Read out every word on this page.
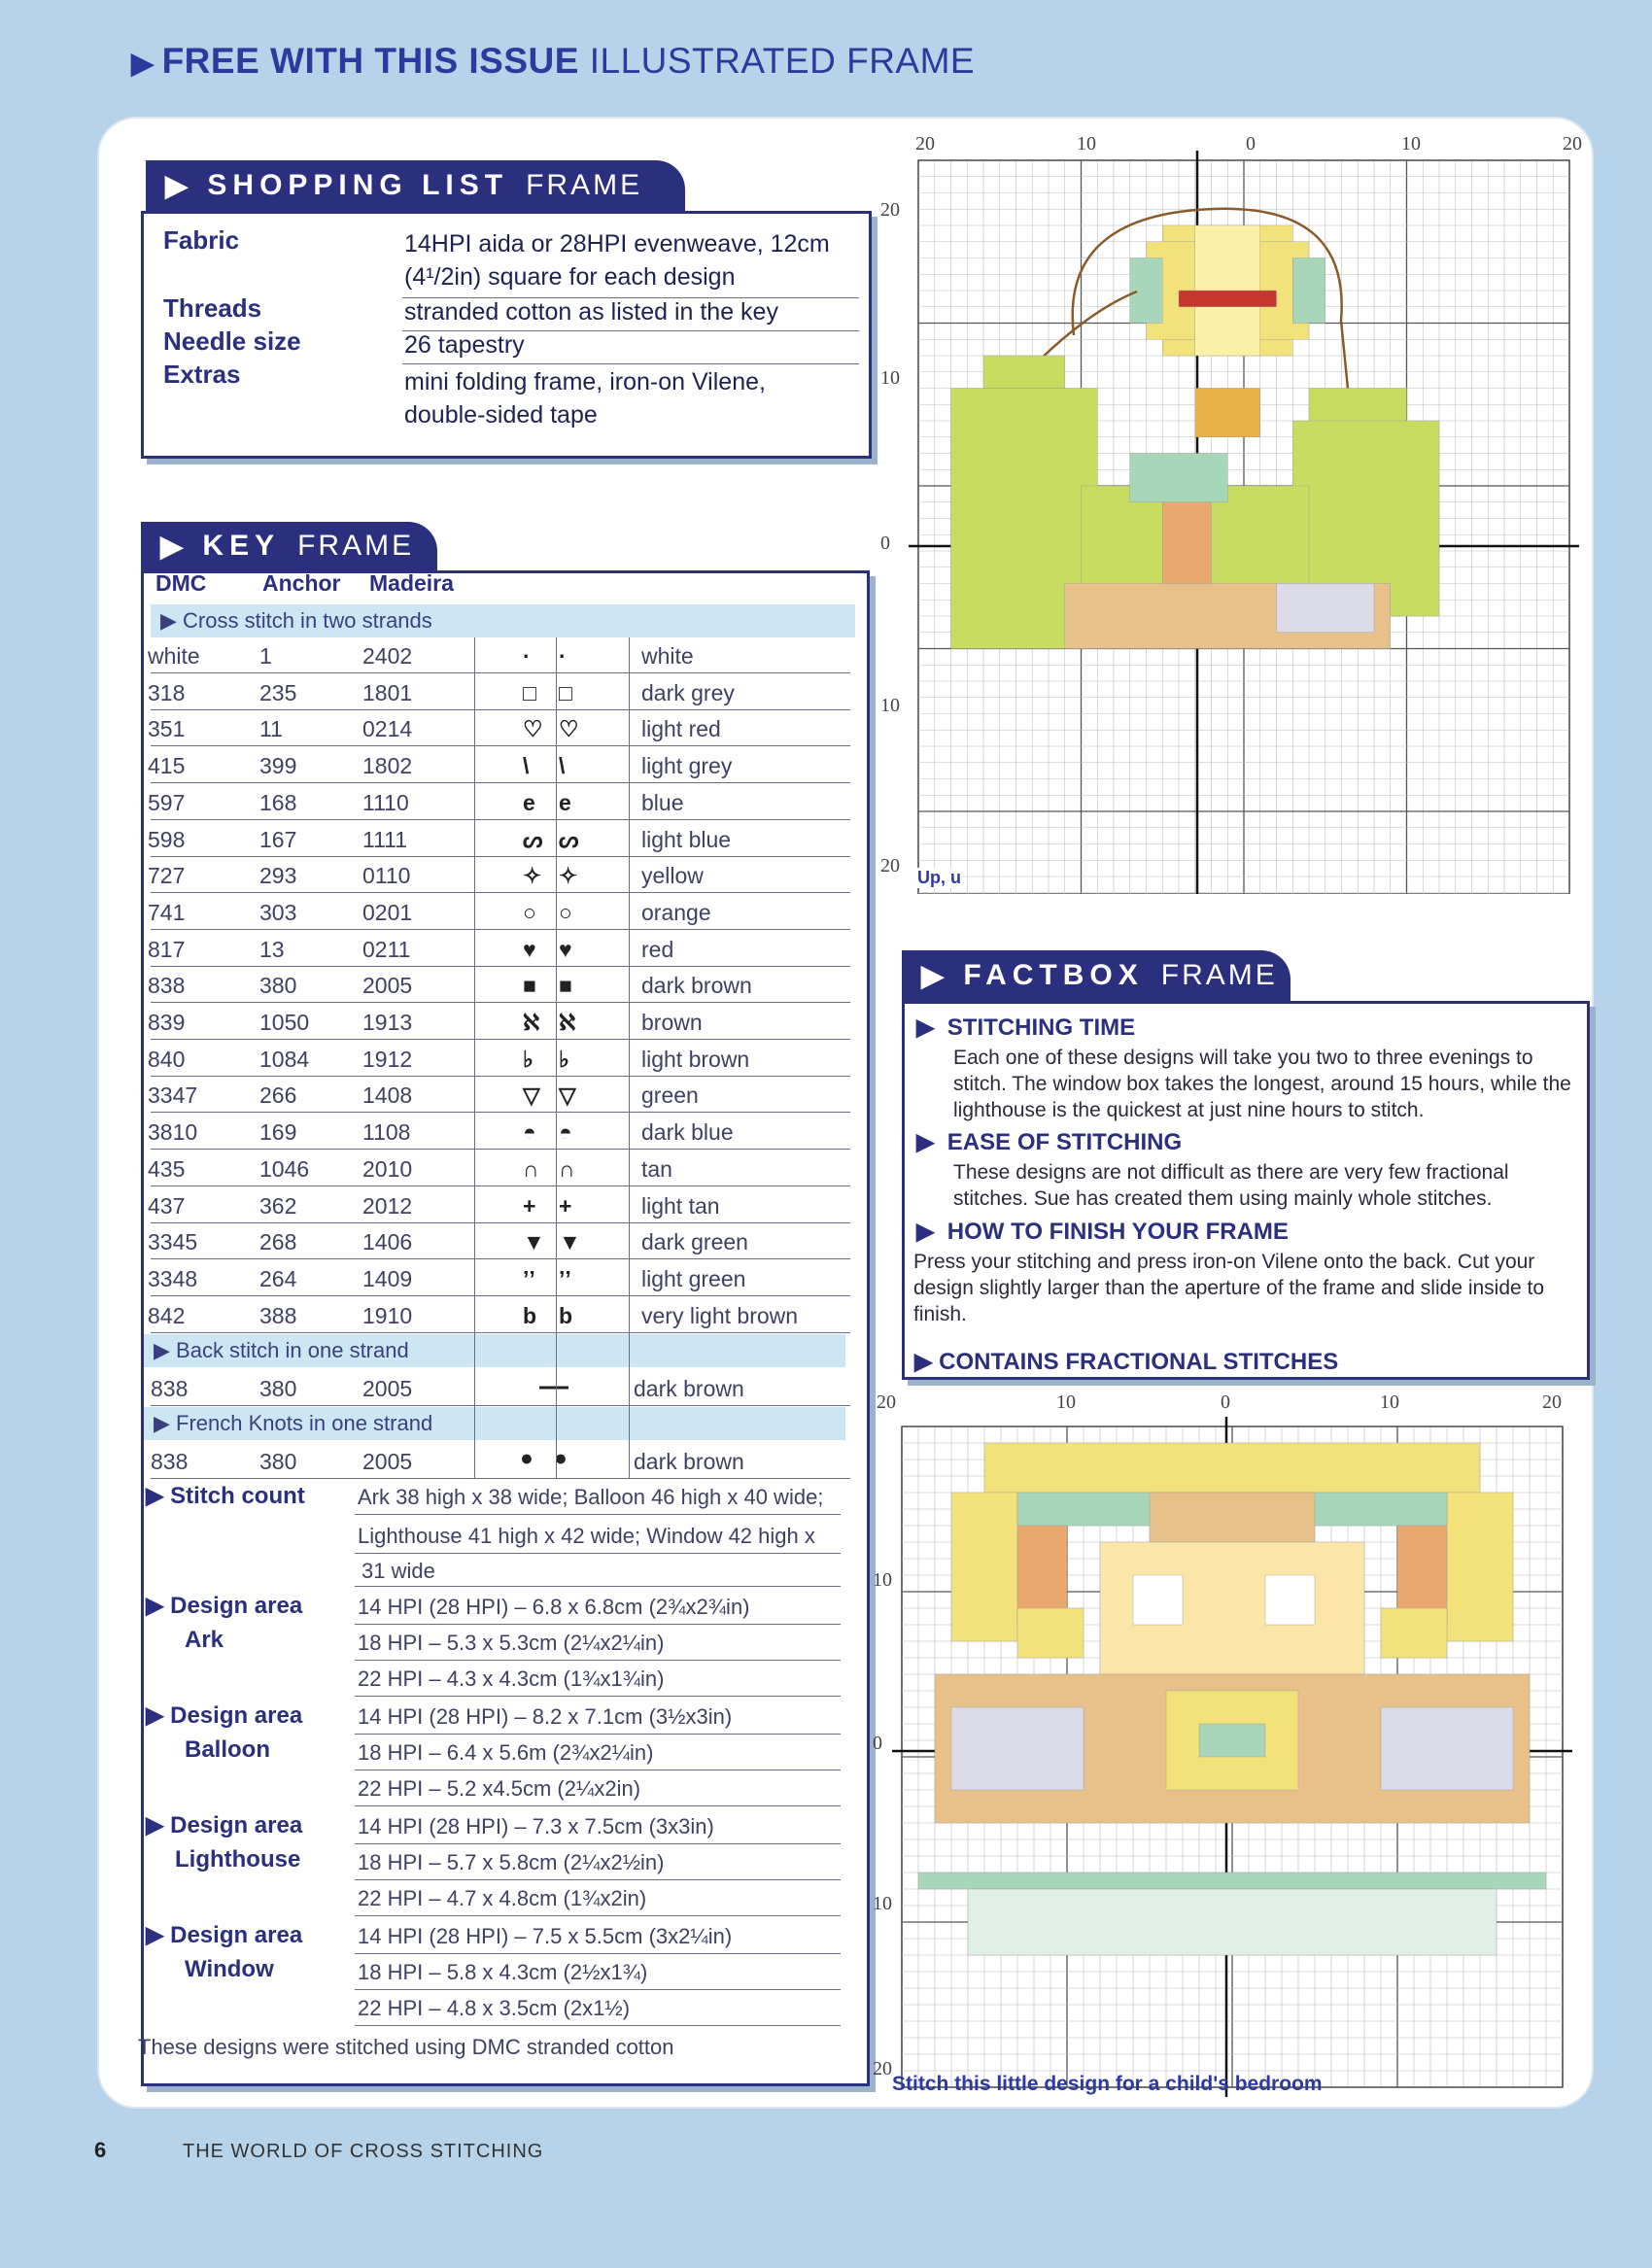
▶ FREE WITH THIS ISSUE ILLUSTRATED FRAME
▶ SHOPPING LIST FRAME
Fabric	14HPI aida or 28HPI evenweave, 12cm
(4¹/2in) square for each design
Threads	stranded cotton as listed in the key
Needle size	26 tapestry
Extras	mini folding frame, iron-on Vilene,
double-sided tape
▶ KEY FRAME
DMC	Anchor Madeira
▶ Cross stitch in two strands
white	1	2402	· ·	white
318	235	1801	□ □	dark grey
351	11	0214	♡ ♡	light red
415	399	1802	\ \	light grey
597	168	1110	e e	blue
598	167	1111	ᔕ ᔕ	light blue
727	293	0110	✧ ✧	yellow
741	303	0201	○ ○	orange
817	13	0211	♥ ♥	red
838	380	2005	■ ■	dark brown
839	1050 1913	ℵ ℵ	brown
840	1084 1912	♭ ♭	light brown
3347	266	1408	▽ ▽	green
3810	169	1108	◓ ◓	dark blue
435	1046 2010	∩ ∩	tan
437	362	2012	+ +	light tan
3345	268	1406	▼ ▼	dark green
3348	264	1409	ʼʼ ʼʼ	light green
842	388	1910	b b	very light brown
▶ Back stitch in one strand
838	380	2005	—	dark brown
▶ French Knots in one strand
838	380	2005	● ●	dark brown
▶ Stitch count Ark 38 high x 38 wide; Balloon 46 high x 40 wide;
Lighthouse 41 high x 42 wide; Window 42 high x
31 wide
▶ Design area
Ark
14 HPI (28 HPI) – 6.8 x 6.8cm (2¾x2¾in)
18 HPI – 5.3 x 5.3cm (2¼x2¼in)
22 HPI – 4.3 x 4.3cm (1¾x1¾in)
▶ Design area
Balloon
14 HPI (28 HPI) – 8.2 x 7.1cm (3½x3in)
18 HPI – 6.4 x 5.6m (2¾x2¼in)
22 HPI – 5.2 x4.5cm (2¼x2in)
▶ Design area
Lighthouse
14 HPI (28 HPI) – 7.3 x 7.5cm (3x3in)
18 HPI – 5.7 x 5.8cm (2¼x2½in)
22 HPI – 4.7 x 4.8cm (1¾x2in)
▶ Design area
Window
14 HPI (28 HPI) – 7.5 x 5.5cm (3x2¼in)
18 HPI – 5.8 x 4.3cm (2½x1¾)
22 HPI – 4.8 x 3.5cm (2x1½)
These designs were stitched using DMC stranded cotton
20	10	0	10	20
20
10
0
10
20
Up, u
▶ FACTBOX FRAME
▶  STITCHING TIME
Each one of these designs will take you two to three evenings to stitch. The window box takes the longest, around 15 hours, while the lighthouse is the quickest at just nine hours to stitch.
▶  EASE OF STITCHING
These designs are not difficult as there are very few fractional stitches. Sue has created them using mainly whole stitches.
▶  HOW TO FINISH YOUR FRAME
Press your stitching and press iron-on Vilene onto the back. Cut your design slightly larger than the aperture of the frame and slide inside to finish.
▶ CONTAINS FRACTIONAL STITCHES
20	10	0	10	20
10
0
10
20
Stitch this little design for a child's bedroom
6	THE WORLD OF CROSS STITCHING
